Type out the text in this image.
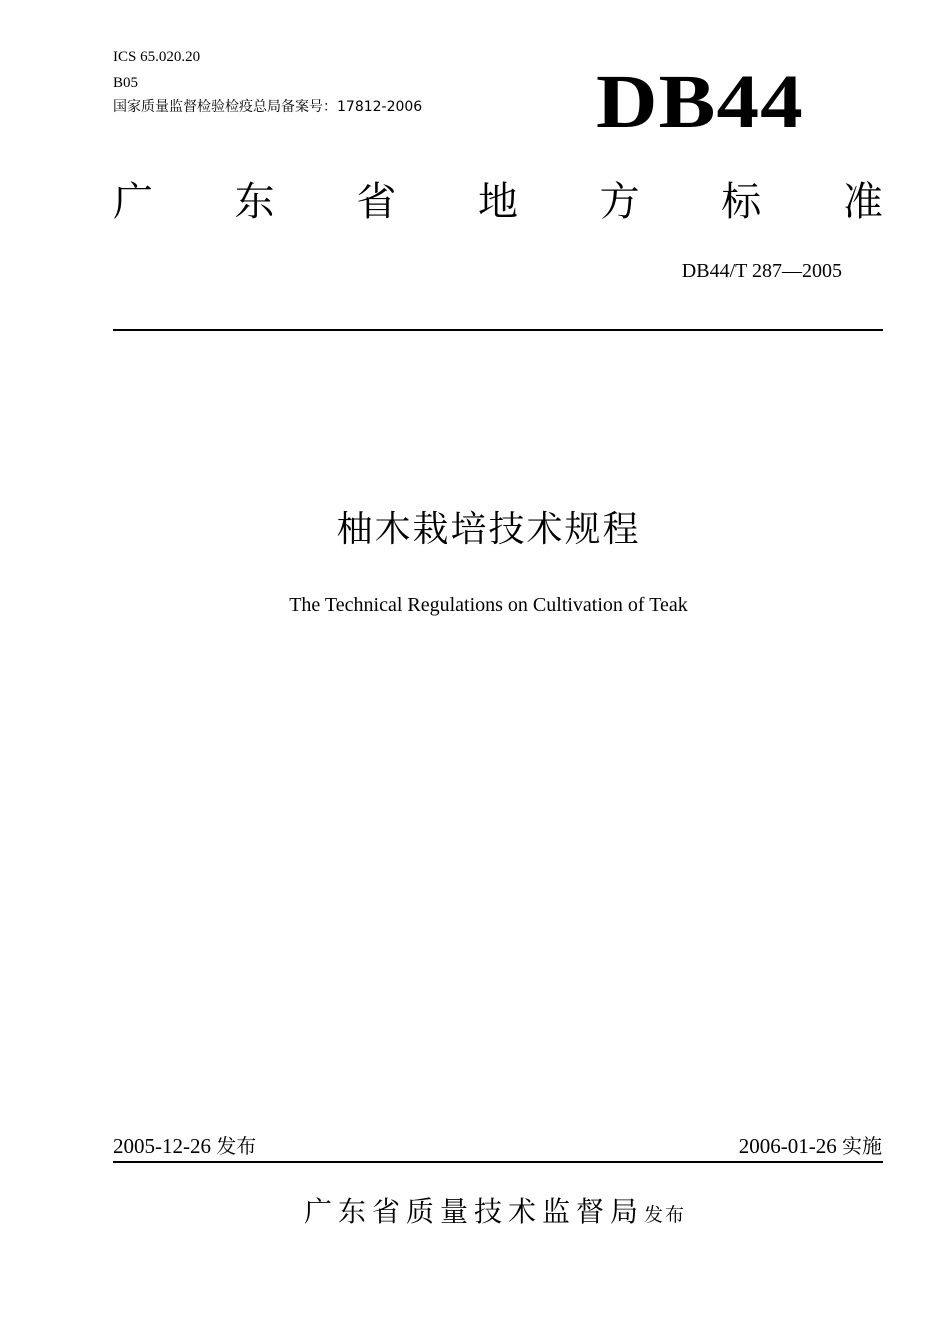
ICS 65.020.20
B05
国家质量监督检验检疫总局备案号：17812-2006 DB44
广 东 省 地 方 标 准
DB44/T 287—2005
柚木栽培技术规程
The Technical Regulations on Cultivation of Teak
2005-12-26 发布	2006-01-26 实施
广东省质量技术监督局发布
